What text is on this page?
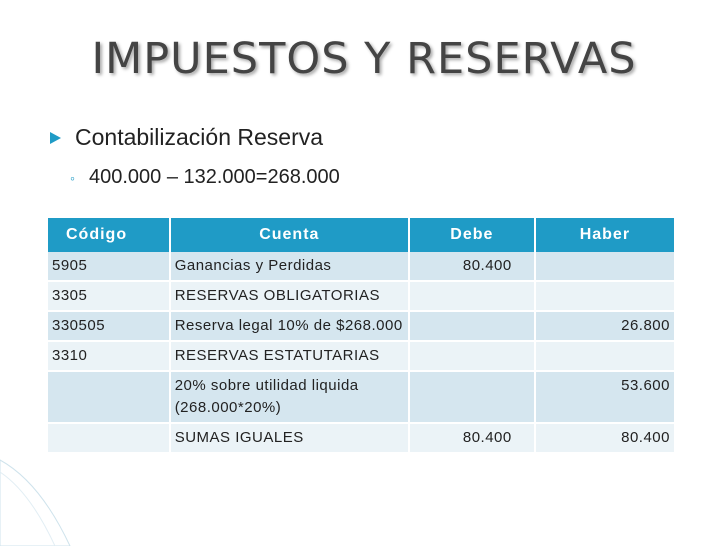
IMPUESTOS Y RESERVAS
Contabilización Reserva
◦ 400.000 – 132.000=268.000
Código	Cuenta	Debe	Haber
5905	Ganancias y Perdidas	80.400	
3305	RESERVAS OBLIGATORIAS		
330505	Reserva legal 10% de $268.000		26.800
3310	RESERVAS ESTATUTARIAS		
	20% sobre utilidad liquida (268.000*20%)		53.600
	SUMAS IGUALES	80.400	80.400
